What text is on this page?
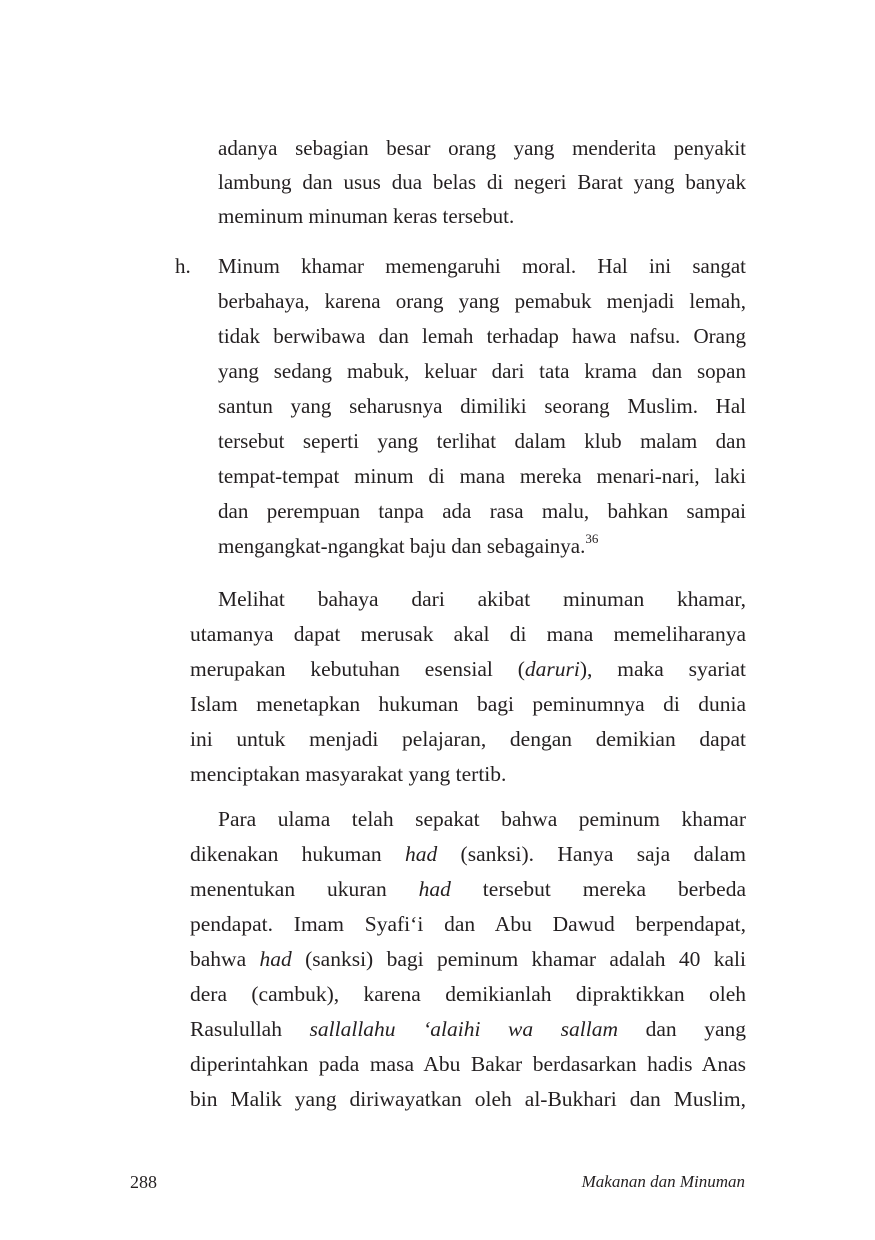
adanya sebagian besar orang yang menderita penyakit
lambung dan usus dua belas di negeri Barat yang banyak
meminum minuman keras tersebut.
h. Minum khamar memengaruhi moral. Hal ini sangat
berbahaya, karena orang yang pemabuk menjadi lemah,
tidak berwibawa dan lemah terhadap hawa nafsu. Orang
yang sedang mabuk, keluar dari tata krama dan sopan
santun yang seharusnya dimiliki seorang Muslim. Hal
tersebut seperti yang terlihat dalam klub malam dan
tempat-tempat minum di mana mereka menari-nari, laki
dan perempuan tanpa ada rasa malu, bahkan sampai
mengangkat-ngangkat baju dan sebagainya.$^{36}$
Melihat bahaya dari akibat minuman khamar,
utamanya dapat merusak akal di mana memeliharanya
merupakan kebutuhan esensial (daruri), maka syariat
Islam menetapkan hukuman bagi peminumnya di dunia
ini untuk menjadi pelajaran, dengan demikian dapat
menciptakan masyarakat yang tertib.
Para ulama telah sepakat bahwa peminum khamar
dikenakan hukuman had (sanksi). Hanya saja dalam
menentukan ukuran had tersebut mereka berbeda
pendapat. Imam Syafi‘i dan Abu Dawud berpendapat,
bahwa had (sanksi) bagi peminum khamar adalah 40 kali
dera (cambuk), karena demikianlah dipraktikkan oleh
Rasulullah sallallahu ‘alaihi wa sallam dan yang
diperintahkan pada masa Abu Bakar berdasarkan hadis Anas
bin Malik yang diriwayatkan oleh al-Bukhari dan Muslim,
288	Makanan dan Minuman
